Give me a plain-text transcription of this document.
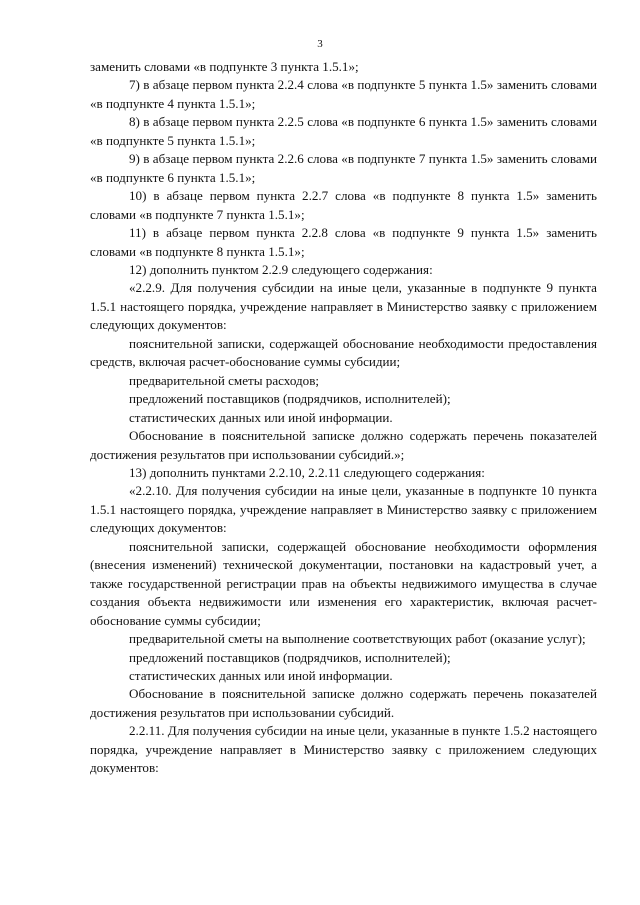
3

заменить словами «в подпункте 3 пункта 1.5.1»;

7) в абзаце первом пункта 2.2.4 слова «в подпункте 5 пункта 1.5» заменить словами «в подпункте 4 пункта 1.5.1»;

8) в абзаце первом пункта 2.2.5 слова «в подпункте 6 пункта 1.5» заменить словами «в подпункте 5 пункта 1.5.1»;

9) в абзаце первом пункта 2.2.6 слова «в подпункте 7 пункта 1.5» заменить словами «в подпункте 6 пункта 1.5.1»;

10) в абзаце первом пункта 2.2.7 слова «в подпункте 8 пункта 1.5» заменить словами «в подпункте 7 пункта 1.5.1»;

11) в абзаце первом пункта 2.2.8 слова «в подпункте 9 пункта 1.5» заменить словами «в подпункте 8 пункта 1.5.1»;

12) дополнить пунктом 2.2.9 следующего содержания:

«2.2.9. Для получения субсидии на иные цели, указанные в подпункте 9 пункта 1.5.1 настоящего порядка, учреждение направляет в Министерство заявку с приложением следующих документов:

пояснительной записки, содержащей обоснование необходимости предоставления средств, включая расчет-обоснование суммы субсидии;

предварительной сметы расходов;

предложений поставщиков (подрядчиков, исполнителей);

статистических данных или иной информации.

Обоснование в пояснительной записке должно содержать перечень показателей достижения результатов при использовании субсидий.»;

13) дополнить пунктами 2.2.10, 2.2.11 следующего содержания:

«2.2.10. Для получения субсидии на иные цели, указанные в подпункте 10 пункта 1.5.1 настоящего порядка, учреждение направляет в Министерство заявку с приложением следующих документов:

пояснительной записки, содержащей обоснование необходимости оформления (внесения изменений) технической документации, постановки на кадастровый учет, а также государственной регистрации прав на объекты недвижимого имущества в случае создания объекта недвижимости или изменения его характеристик, включая расчет-обоснование суммы субсидии;

предварительной сметы на выполнение соответствующих работ (оказание услуг);

предложений поставщиков (подрядчиков, исполнителей);

статистических данных или иной информации.

Обоснование в пояснительной записке должно содержать перечень показателей достижения результатов при использовании субсидий.

2.2.11. Для получения субсидии на иные цели, указанные в пункте 1.5.2 настоящего порядка, учреждение направляет в Министерство заявку с приложением следующих документов:
